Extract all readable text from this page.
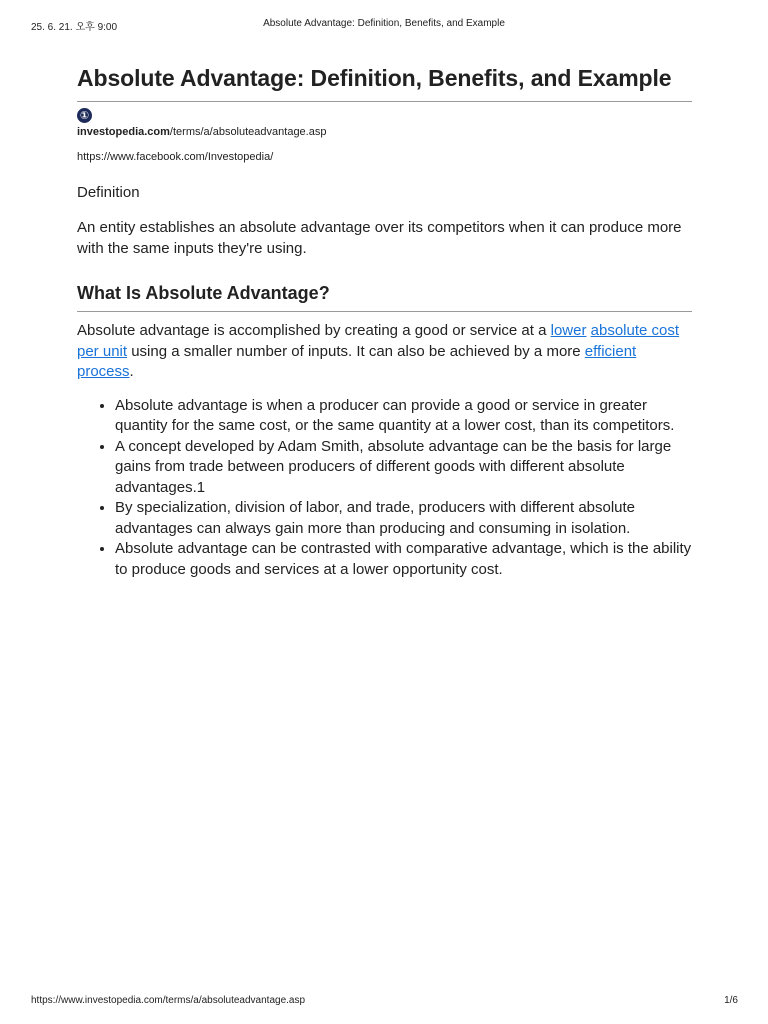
Absolute Advantage: Definition, Benefits, and Example
25. 6. 21. 오후 9:00
Absolute Advantage: Definition, Benefits, and Example
①
investopedia.com/terms/a/absoluteadvantage.asp
https://www.facebook.com/Investopedia/
Definition

An entity establishes an absolute advantage over its competitors when it can produce more with the same inputs they're using.

What Is Absolute Advantage?

Absolute advantage is accomplished by creating a good or service at a lower absolute cost per unit using a smaller number of inputs. It can also be achieved by a more efficient process.

• Absolute advantage is when a producer can provide a good or service in greater quantity for the same cost, or the same quantity at a lower cost, than its competitors.
• A concept developed by Adam Smith, absolute advantage can be the basis for large gains from trade between producers of different goods with different absolute advantages.1
• By specialization, division of labor, and trade, producers with different absolute advantages can always gain more than producing and consuming in isolation.
• Absolute advantage can be contrasted with comparative advantage, which is the ability to produce goods and services at a lower opportunity cost.
https://www.investopedia.com/terms/a/absoluteadvantage.asp	1/6
